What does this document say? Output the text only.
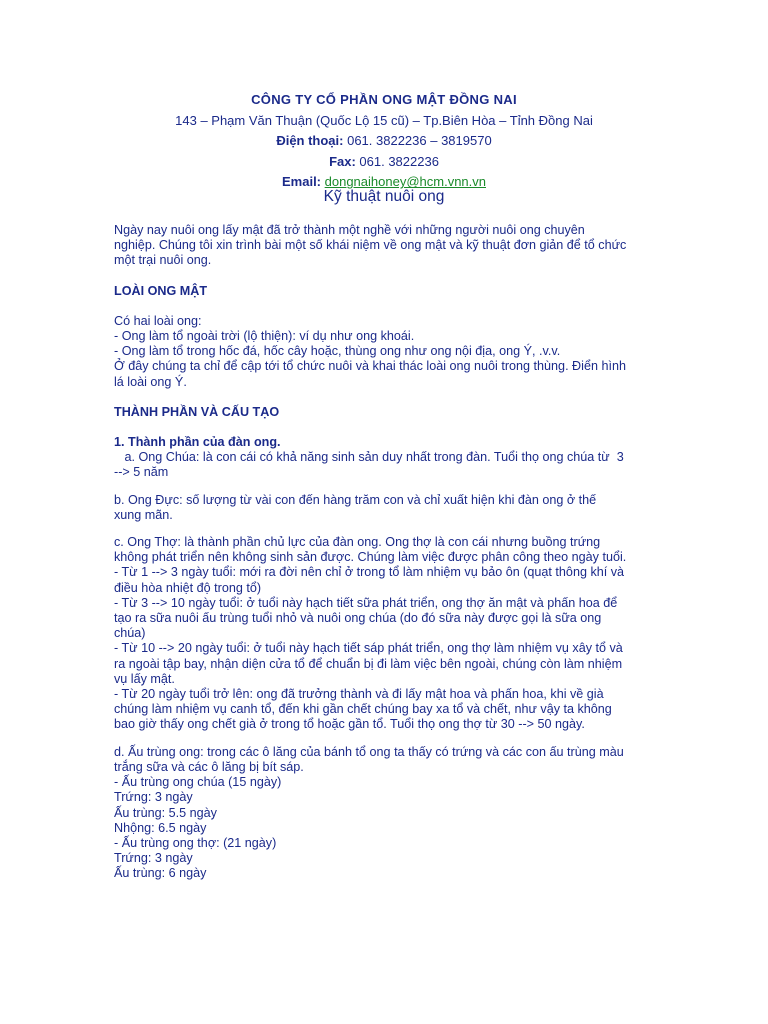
CÔNG TY CỔ PHẦN ONG MẬT ĐỒNG NAI
143 – Phạm Văn Thuận (Quốc Lộ 15 cũ) – Tp.Biên Hòa – Tỉnh Đồng Nai
Điện thoại: 061. 3822236 – 3819570
Fax: 061. 3822236
Email: dongnaihoney@hcm.vnn.vn
Kỹ thuật nuôi ong

Ngày nay nuôi ong lấy mật đã trở thành một nghề với những người nuôi ong chuyên

nghiệp. Chúng tôi xin trình bài một số khái niệm về ong mật và kỹ thuật đơn giản để tổ chức

một trại nuôi ong.

LOÀI ONG MẬT

Có hai loài ong:

- Ong làm tổ ngoài trời (lộ thiện): ví dụ như ong khoái.

- Ong làm tổ trong hốc đá, hốc cây hoặc, thùng ong như ong nội địa, ong Ý, .v.v.

Ở đây chúng ta chỉ để cập tới tổ chức nuôi và khai thác loài ong nuôi trong thùng. Điển hình

lá loài ong Ý.

THÀNH PHẦN VÀ CẤU TẠO

1. Thành phần của đàn ong.

a. Ong Chúa: là con cái có khả năng sinh sản duy nhất trong đàn. Tuổi thọ ong chúa từ  3

--> 5 năm

b. Ong Đực: số lượng từ vài con đến hàng trăm con và chỉ xuất hiện khi đàn ong ở thế

xung mãn.

c. Ong Thợ: là thành phần chủ lực của đàn ong. Ong thợ là con cái nhưng buồng trứng

không phát triển nên không sinh sản được. Chúng làm việc được phân công theo ngày tuổi.

- Từ 1 --> 3 ngày tuổi: mới ra đời nên chỉ ở trong tổ làm nhiệm vụ bảo ôn (quạt thông khí và

điều hòa nhiệt độ trong tổ)

- Từ 3 --> 10 ngày tuổi: ở tuổi này hạch tiết sữa phát triển, ong thợ ăn mật và phấn hoa để

tạo ra sữa nuôi ấu trùng tuổi nhỏ và nuôi ong chúa (do đó sữa này được gọi là sữa ong

chúa)

- Từ 10 --> 20 ngày tuổi: ở tuổi này hạch tiết sáp phát triển, ong thợ làm nhiệm vụ xây tổ và

ra ngoài tập bay, nhận diện cửa tổ để chuẩn bị đi làm việc bên ngoài, chúng còn làm nhiệm

vụ lấy mật.

- Từ 20 ngày tuổi trở lên: ong đã trưởng thành và đi lấy mật hoa và phấn hoa, khi về già

chúng làm nhiệm vụ canh tổ, đến khi gần chết chúng bay xa tổ và chết, như vậy ta không

bao giờ thấy ong chết già ở trong tổ hoặc gần tổ. Tuổi thọ ong thợ từ 30 --> 50 ngày.

d. Ấu trùng ong: trong các ô lăng của bánh tổ ong ta thấy có trứng và các con ấu trùng màu

trắng sữa và các ô lăng bị bít sáp.

- Ấu trùng ong chúa (15 ngày)

Trứng: 3 ngày

Ấu trùng: 5.5 ngày

Nhộng: 6.5 ngày

- Ấu trùng ong thợ: (21 ngày)

Trứng: 3 ngày

Ấu trùng: 6 ngày
